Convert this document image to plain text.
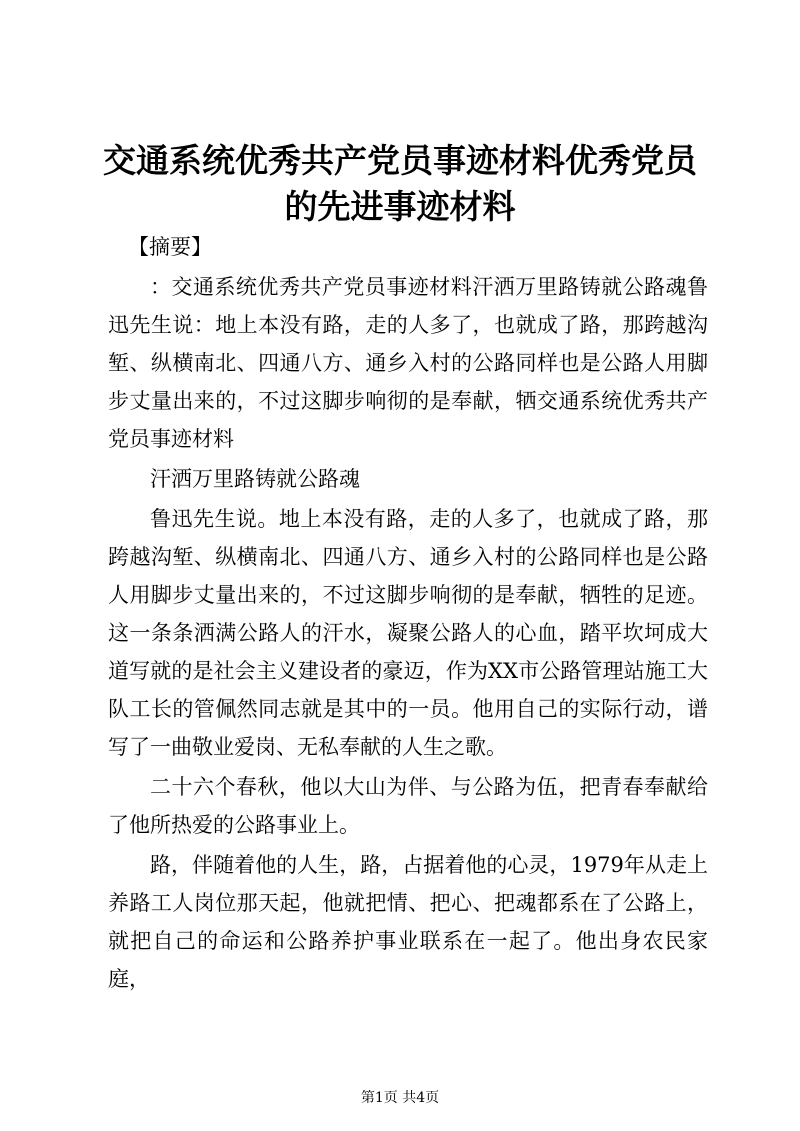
交通系统优秀共产党员事迹材料优秀党员的先进事迹材料

【摘要】

：交通系统优秀共产党员事迹材料汗洒万里路铸就公路魂鲁迅先生说：地上本没有路，走的人多了，也就成了路，那跨越沟堑、纵横南北、四通八方、通乡入村的公路同样也是公路人用脚步丈量出来的，不过这脚步响彻的是奉献，牺交通系统优秀共产党员事迹材料

汗洒万里路铸就公路魂

鲁迅先生说。地上本没有路，走的人多了，也就成了路，那跨越沟堑、纵横南北、四通八方、通乡入村的公路同样也是公路人用脚步丈量出来的，不过这脚步响彻的是奉献，牺牲的足迹。这一条条洒满公路人的汗水，凝聚公路人的心血，踏平坎坷成大道写就的是社会主义建设者的豪迈，作为XX市公路管理站施工大队工长的管佩然同志就是其中的一员。他用自己的实际行动，谱写了一曲敬业爱岗、无私奉献的人生之歌。

二十六个春秋，他以大山为伴、与公路为伍，把青春奉献给了他所热爱的公路事业上。

路，伴随着他的人生，路，占据着他的心灵，1979年从走上养路工人岗位那天起，他就把情、把心、把魂都系在了公路上，就把自己的命运和公路养护事业联系在一起了。他出身农民家庭，

第1页 共4页
